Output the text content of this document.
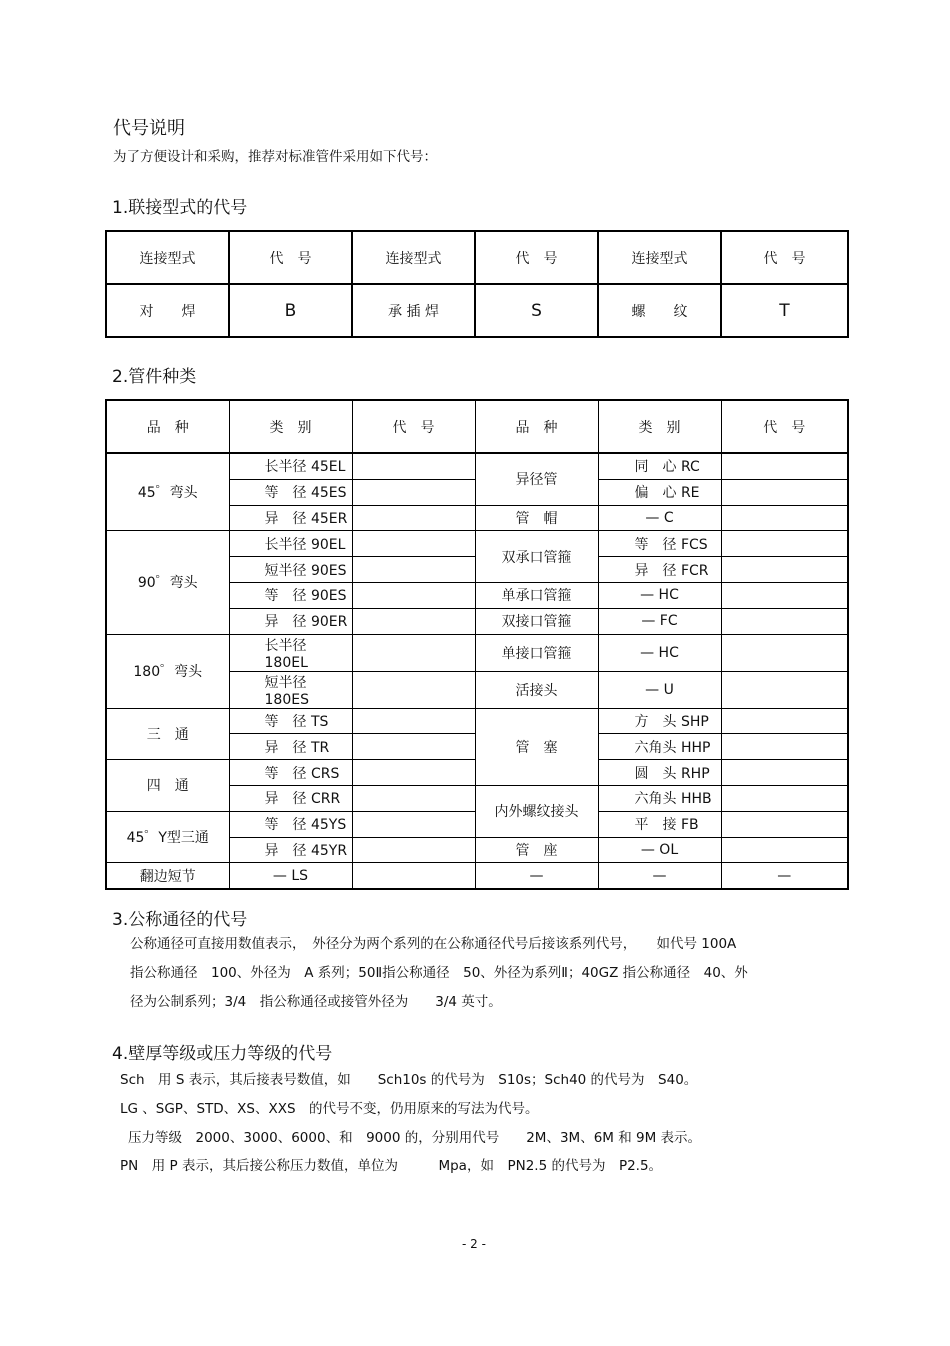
代号说明
为了方便设计和采购，推荐对标准管件采用如下代号：
1.联接型式的代号
连接型式	代　号	连接型式	代　号	连接型式	代　号
对　　焊	B	承 插 焊	S	螺　　纹	T
2.管件种类
品　种	类　别	代　号	品　种	类　别	代　号
45゜弯头	长半径 45EL		异径管	同　心 RC	
	等　径 45ES			偏　心 RE	
	异　径 45ER		管　帽	— C	
90゜弯头	长半径 90EL		双承口管箍	等　径 FCS	
	短半径 90ES			异　径 FCR	
	等　径 90ES		单承口管箍	— HC	
	异　径 90ER		双接口管箍	— FC	
180゜弯头	长半径 180EL		单接口管箍	— HC	
	短半径 180ES		活接头	— U	
三　通	等　径 TS		管　塞	方　头 SHP	
	异　径 TR			六角头 HHP	
四　通	等　径 CRS			圆　头 RHP	
	异　径 CRR		内外螺纹接头	六角头 HHB	
45゜Y型三通	等　径 45YS			平　接 FB	
	异　径 45YR		管　座	— OL	
翻边短节	— LS		—	—	—
3.公称通径的代号
公称通径可直接用数值表示，　外径分为两个系列的在公称通径代号后接该系列代号，　　如代号 100A
指公称通径　100、外径为　A 系列；50Ⅱ指公称通径　50、外径为系列Ⅱ；40GZ 指公称通径　40、外
径为公制系列；3/4　指公称通径或接管外径为　　3/4 英寸。
4.壁厚等级或压力等级的代号
Sch　用 S 表示，其后接表号数值，如　　Sch10s 的代号为　S10s；Sch40 的代号为　S40。
LG 、SGP、STD、XS、XXS　的代号不变，仍用原来的写法为代号。
压力等级　2000、3000、6000、和　9000 的，分别用代号　　2M、3M、6M 和 9M 表示。
PN　用 P 表示，其后接公称压力数值，单位为　　　Mpa，如　PN2.5 的代号为　P2.5。
- 2 -
